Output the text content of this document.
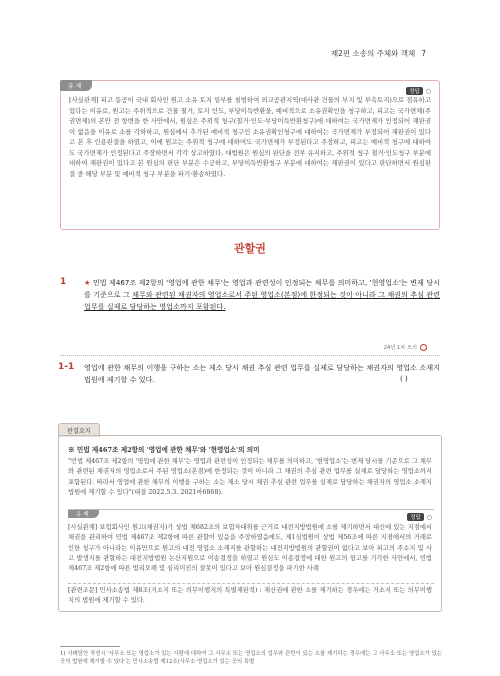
제2편 소송의 주체와 객체 7
유 제
정답	○
[사실관계] 피고 동공이 국내 회사인 원고 소유 토지 일부를 침범하여 외교공관지역(대사관 건물의 부지 및 부속토지)으로 점유하고 있다는 이유로, 원고는 주위적으로 건물 철거, 토지 인도, 부당이득반환을, 예비적으로 소유권확인을 청구하고, 피고는 국가면제(주권면제)의 본안 전 항변을 한 사안에서, 원심은 주위적 청구(철거·인도·부당이득반환청구)에 대하여는 국가면제가 인정되어 재판권이 없음을 이유로 소를 각하하고, 원심에서 추가된 예비적 청구인 소유권확인청구에 대하여는 국가면제가 부정되어 재판권이 있다고 본 후 인용판결을 하였고, 이에 원고는 주위적 청구에 대하여도 국가면제가 부정된다고 주장하고, 피고는 예비적 청구에 대하여도 국가면제가 인정된다고 주장하면서 각각 상고하였다. 대법원은 원심의 판단을 전부 유지하고, 주위적 청구 철거·인도청구 부분에 대하여 재판권이 있다고 본 원심의 판단 부분은 수긍하고, 부당이득반환청구 부분에 대하여는 재판권이 있다고 판단하면서 원심판결 중 해당 부분 및 예비적 청구 부분을 파기·환송하였다.
관할권
1 ★ 민법 제467조 제2항의 '영업에 관한 채무'는 영업과 관련성이 인정되는 채무를 의미하고, '현영업소'는 변제 당시를 기준으로 그 채무와 관련된 채권자의 영업소로서 주된 영업소(본점)에 한정되는 것이 아니라 그 채권의 추심 관련 업무를 실제로 담당하는 영업소까지 포함된다.
24년 1차 모의
1-1 영업에 관한 채무의 이행을 구하는 소는 제소 당시 채권 추심 관련 업무를 실제로 담당하는 채권자의 영업소 소재지 법원에 제기할 수 있다.	( )
판결요지
※ 민법 제467조 제2항의 '영업에 관한 채무'와 '현영업소'의 의미
"민법 제467조 제2항의 '영업에 관한 채무'는 영업과 관련성이 인정되는 채무를 의미하고, '현영업소'는 변제 당시를 기준으로 그 채무와 관련된 채권자의 영업소로서 주된 영업소(본점)에 한정되는 것이 아니라 그 채권의 추심 관련 업무를 실제로 담당하는 영업소까지 포함된다. 따라서 영업에 관한 채무의 이행을 구하는 소는 제소 당시 채권 추심 관련 업무를 실제로 담당하는 채권자의 영업소 소재지 법원에 제기할 수 있다"(대결 2022.5.3. 2021마6868).
유 제	정답	○
[사실관계] 보험회사인 원고(채권자)가 상법 제682조의 보험자대위를 근거로 대전지방법원에 소를 제기하면서 대신에 있는 지점에서 채권을 관리하여 민법 제467조 제2항에 따른 관할이 있음을 주장하였음에도, 제1심법원이 상법 제56조에 따른 지점에서의 거래로 인한 청구가 아니라는 이유만으로 원고의 대전 영업소 소재지를 관할하는 대전지방법원의 관할권이 없다고 보아 피고의 주소지 및 사고 발생지를 관할하는 대전지방법원 논산지원으로 이송결정을 하였고 원심도 이송결정에 대한 원고의 항고를 기각한 사안에서, 민법 제467조 제2항에 따른 법리오해 및 심리미진의 잘못이 있다고 보아 원심결정을 파기한 사례
[관련조문] 민사소송법 제8조(거소지 또는 의무이행지의 특별재판적) : 재산권에 관한 소를 제기하는 경우에는 거소지 또는 의무이행지의 법원에 제기할 수 있다.
1) 사례담안 작성시 '사무소 또는 영업소가 있는 사람에 대하여 그 사무소 또는 영업소의 업무와 관련이 있는 소를 제기하는 경우에는 그 사무소 또는 영업소가 있는 곳의 법원에 제기할 수 있다'는 민사소송법 제12조(사무소·영업소가 있는 곳의 특별
